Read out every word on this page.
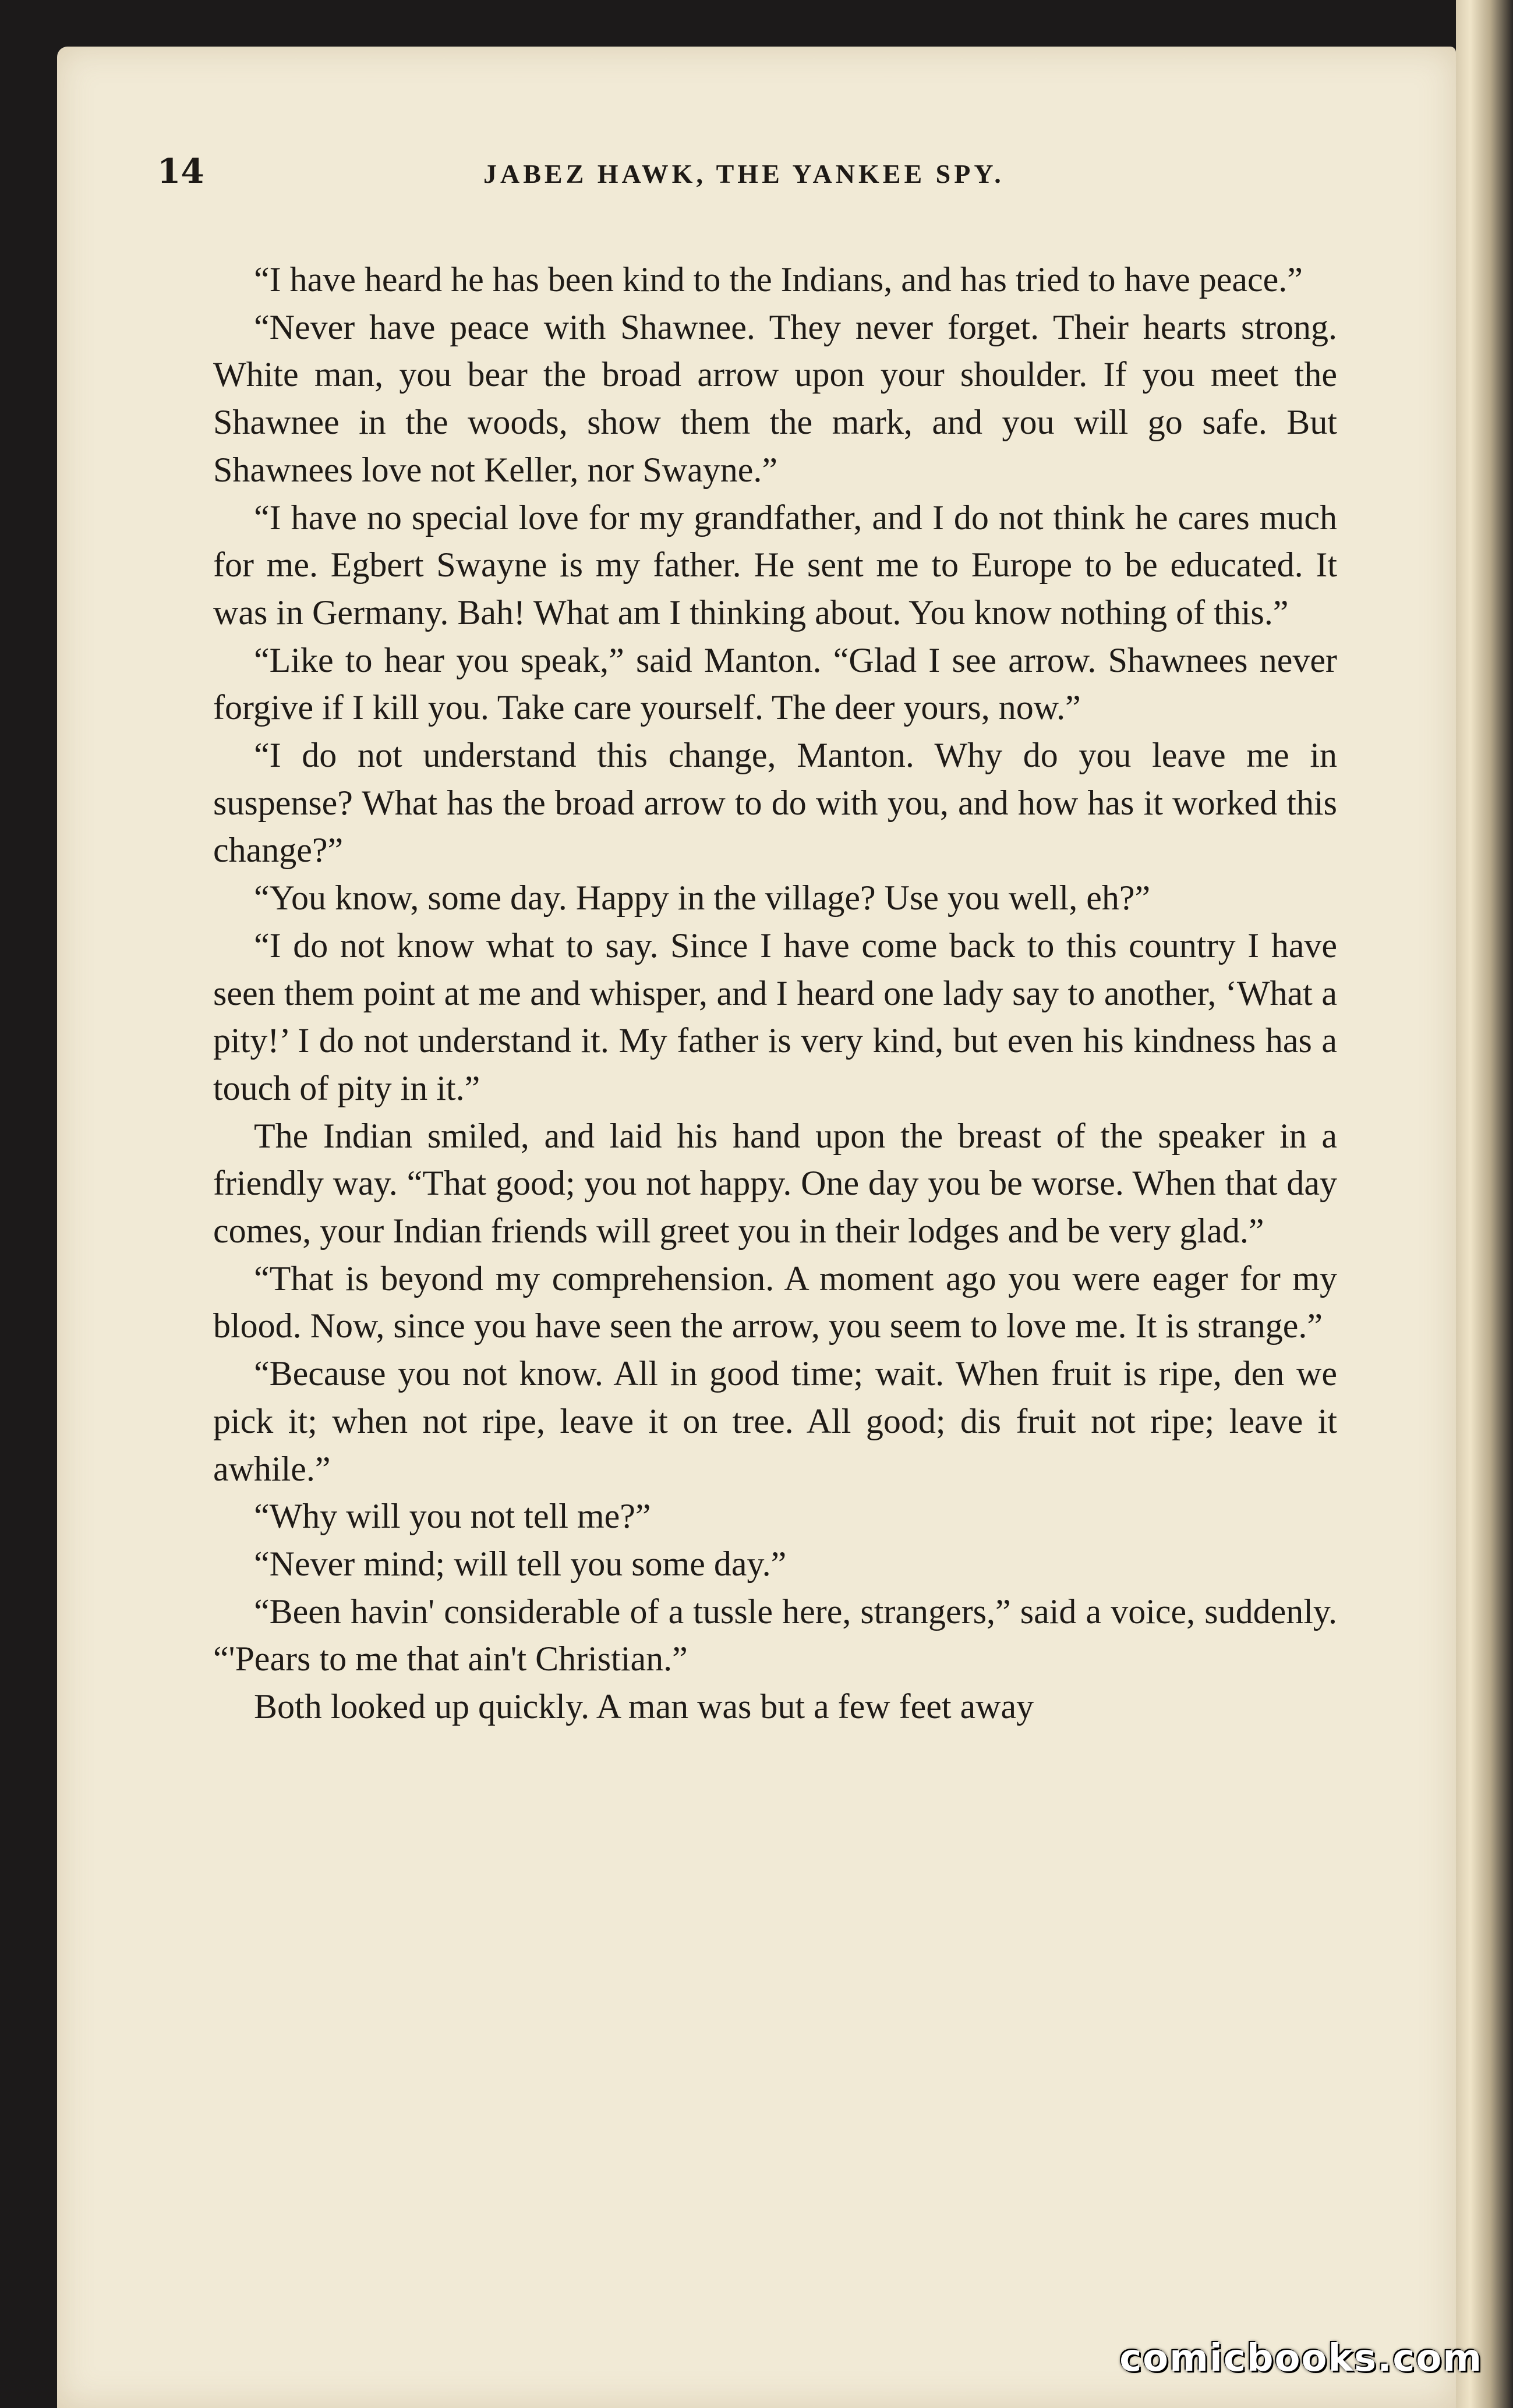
14	JABEZ HAWK, THE YANKEE SPY.

“I have heard he has been kind to the Indians, and has tried to have peace.”

“Never have peace with Shawnee. They never forget. Their hearts strong. White man, you bear the broad arrow upon your shoulder. If you meet the Shawnee in the woods, show them the mark, and you will go safe. But Shawnees love not Keller, nor Swayne.”

“I have no special love for my grandfather, and I do not think he cares much for me. Egbert Swayne is my father. He sent me to Europe to be educated. It was in Germany. Bah! What am I thinking about. You know nothing of this.”

“Like to hear you speak,” said Manton. “Glad I see arrow. Shawnees never forgive if I kill you. Take care yourself. The deer yours, now.”

“I do not understand this change, Manton. Why do you leave me in suspense? What has the broad arrow to do with you, and how has it worked this change?”

“You know, some day. Happy in the village? Use you well, eh?”

“I do not know what to say. Since I have come back to this country I have seen them point at me and whisper, and I heard one lady say to another, ‘What a pity!’ I do not understand it. My father is very kind, but even his kindness has a touch of pity in it.”

The Indian smiled, and laid his hand upon the breast of the speaker in a friendly way. “That good; you not happy. One day you be worse. When that day comes, your Indian friends will greet you in their lodges and be very glad.”

“That is beyond my comprehension. A moment ago you were eager for my blood. Now, since you have seen the arrow, you seem to love me. It is strange.”

“Because you not know. All in good time; wait. When fruit is ripe, den we pick it; when not ripe, leave it on tree. All good; dis fruit not ripe; leave it awhile.”

“Why will you not tell me?”

“Never mind; will tell you some day.”

“Been havin' considerable of a tussle here, strangers,” said a voice, suddenly. “'Pears to me that ain't Christian.”

Both looked up quickly. A man was but a few feet away

comicbooks.com
